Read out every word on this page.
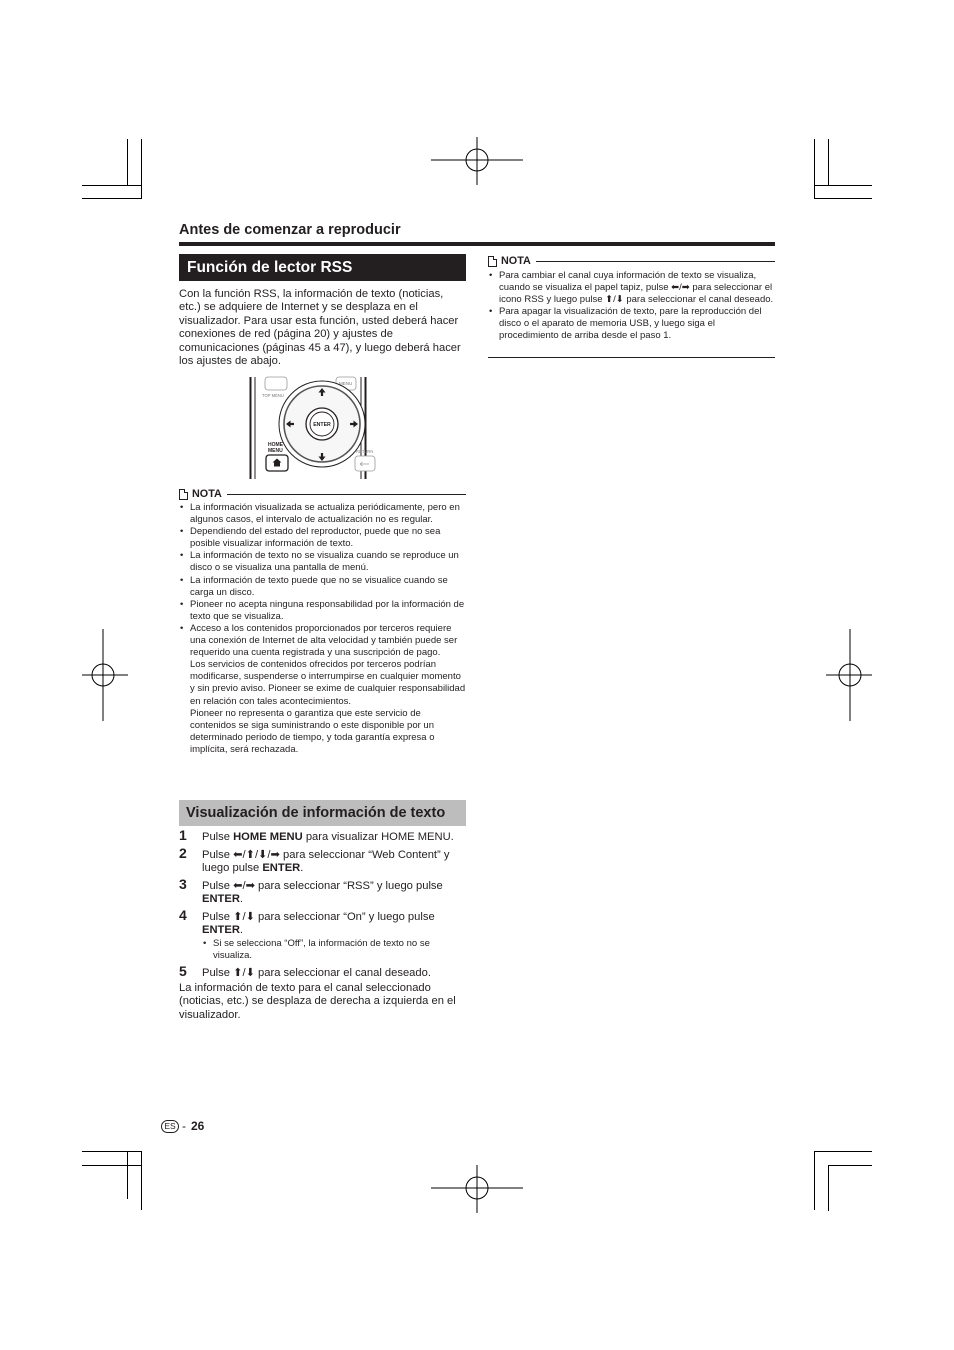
Antes de comenzar a reproducir
Función de lector RSS
Con la función RSS, la información de texto (noticias, etc.) se adquiere de Internet y se desplaza en el visualizador. Para usar esta función, usted deberá hacer conexiones de red (página 20) y ajustes de comunicaciones (páginas 45 a 47), y luego deberá hacer los ajustes de abajo.
TOP MENU
MENU
ENTER
HOME
MENU	RETURN
NOTA
• La información visualizada se actualiza periódicamente, pero en algunos casos, el intervalo de actualización no es regular.
• Dependiendo del estado del reproductor, puede que no sea posible visualizar información de texto.
• La información de texto no se visualiza cuando se reproduce un disco o se visualiza una pantalla de menú.
• La información de texto puede que no se visualice cuando se carga un disco.
• Pioneer no acepta ninguna responsabilidad por la información de texto que se visualiza.
• Acceso a los contenidos proporcionados por terceros requiere una conexión de Internet de alta velocidad y también puede ser requerido una cuenta registrada y una suscripción de pago.
Los servicios de contenidos ofrecidos por terceros podrían modificarse, suspenderse o interrumpirse en cualquier momento y sin previo aviso. Pioneer se exime de cualquier responsabilidad en relación con tales acontecimientos.
Pioneer no representa o garantiza que este servicio de contenidos se siga suministrando o este disponible por un determinado periodo de tiempo, y toda garantía expresa o implícita, será rechazada.
NOTA
• Para cambiar el canal cuya información de texto se visualiza, cuando se visualiza el papel tapiz, pulse ⬅/➡ para seleccionar el icono RSS y luego pulse ⬆/⬇ para seleccionar el canal deseado.
• Para apagar la visualización de texto, pare la reproducción del disco o el aparato de memoria USB, y luego siga el procedimiento de arriba desde el paso 1.
Visualización de información de texto
1 Pulse HOME MENU para visualizar HOME MENU.
2 Pulse ⬅/⬆/⬇/➡ para seleccionar “Web Content” y luego pulse ENTER.
3 Pulse ⬅/➡ para seleccionar “RSS” y luego pulse ENTER.
4 Pulse ⬆/⬇ para seleccionar “On” y luego pulse ENTER.
• Si se selecciona “Off”, la información de texto no se visualiza.
5 Pulse ⬆/⬇ para seleccionar el canal deseado.
La información de texto para el canal seleccionado (noticias, etc.) se desplaza de derecha a izquierda en el visualizador.
ES - 26
